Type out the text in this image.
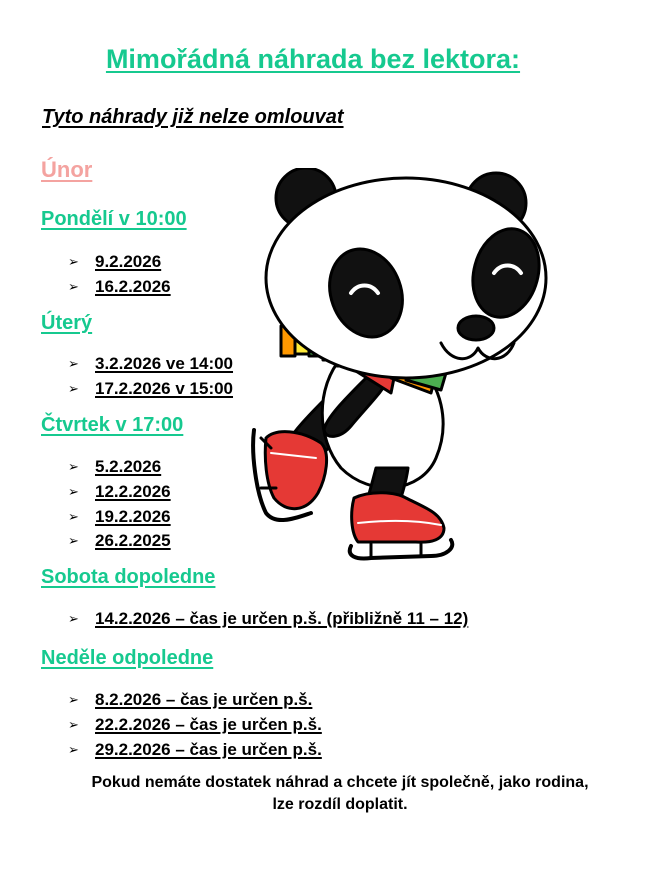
Mimořádná náhrada bez lektora:
Tyto náhrady již nelze omlouvat
Únor
Pondělí v 10:00
➢ 9.2.2026
➢ 16.2.2026
Úterý
➢ 3.2.2026 ve 14:00
➢ 17.2.2026 v 15:00
Čtvrtek v 17:00
➢ 5.2.2026
➢ 12.2.2026
➢ 19.2.2026
➢ 26.2.2025
Sobota dopoledne
➢ 14.2.2026 – čas je určen p.š. (přibližně 11 – 12)
Neděle odpoledne
➢ 8.2.2026 – čas je určen p.š.
➢ 22.2.2026 – čas je určen p.š.
➢ 29.2.2026 – čas je určen p.š.
Pokud nemáte dostatek náhrad a chcete jít společně, jako rodina, lze rozdíl doplatit.
